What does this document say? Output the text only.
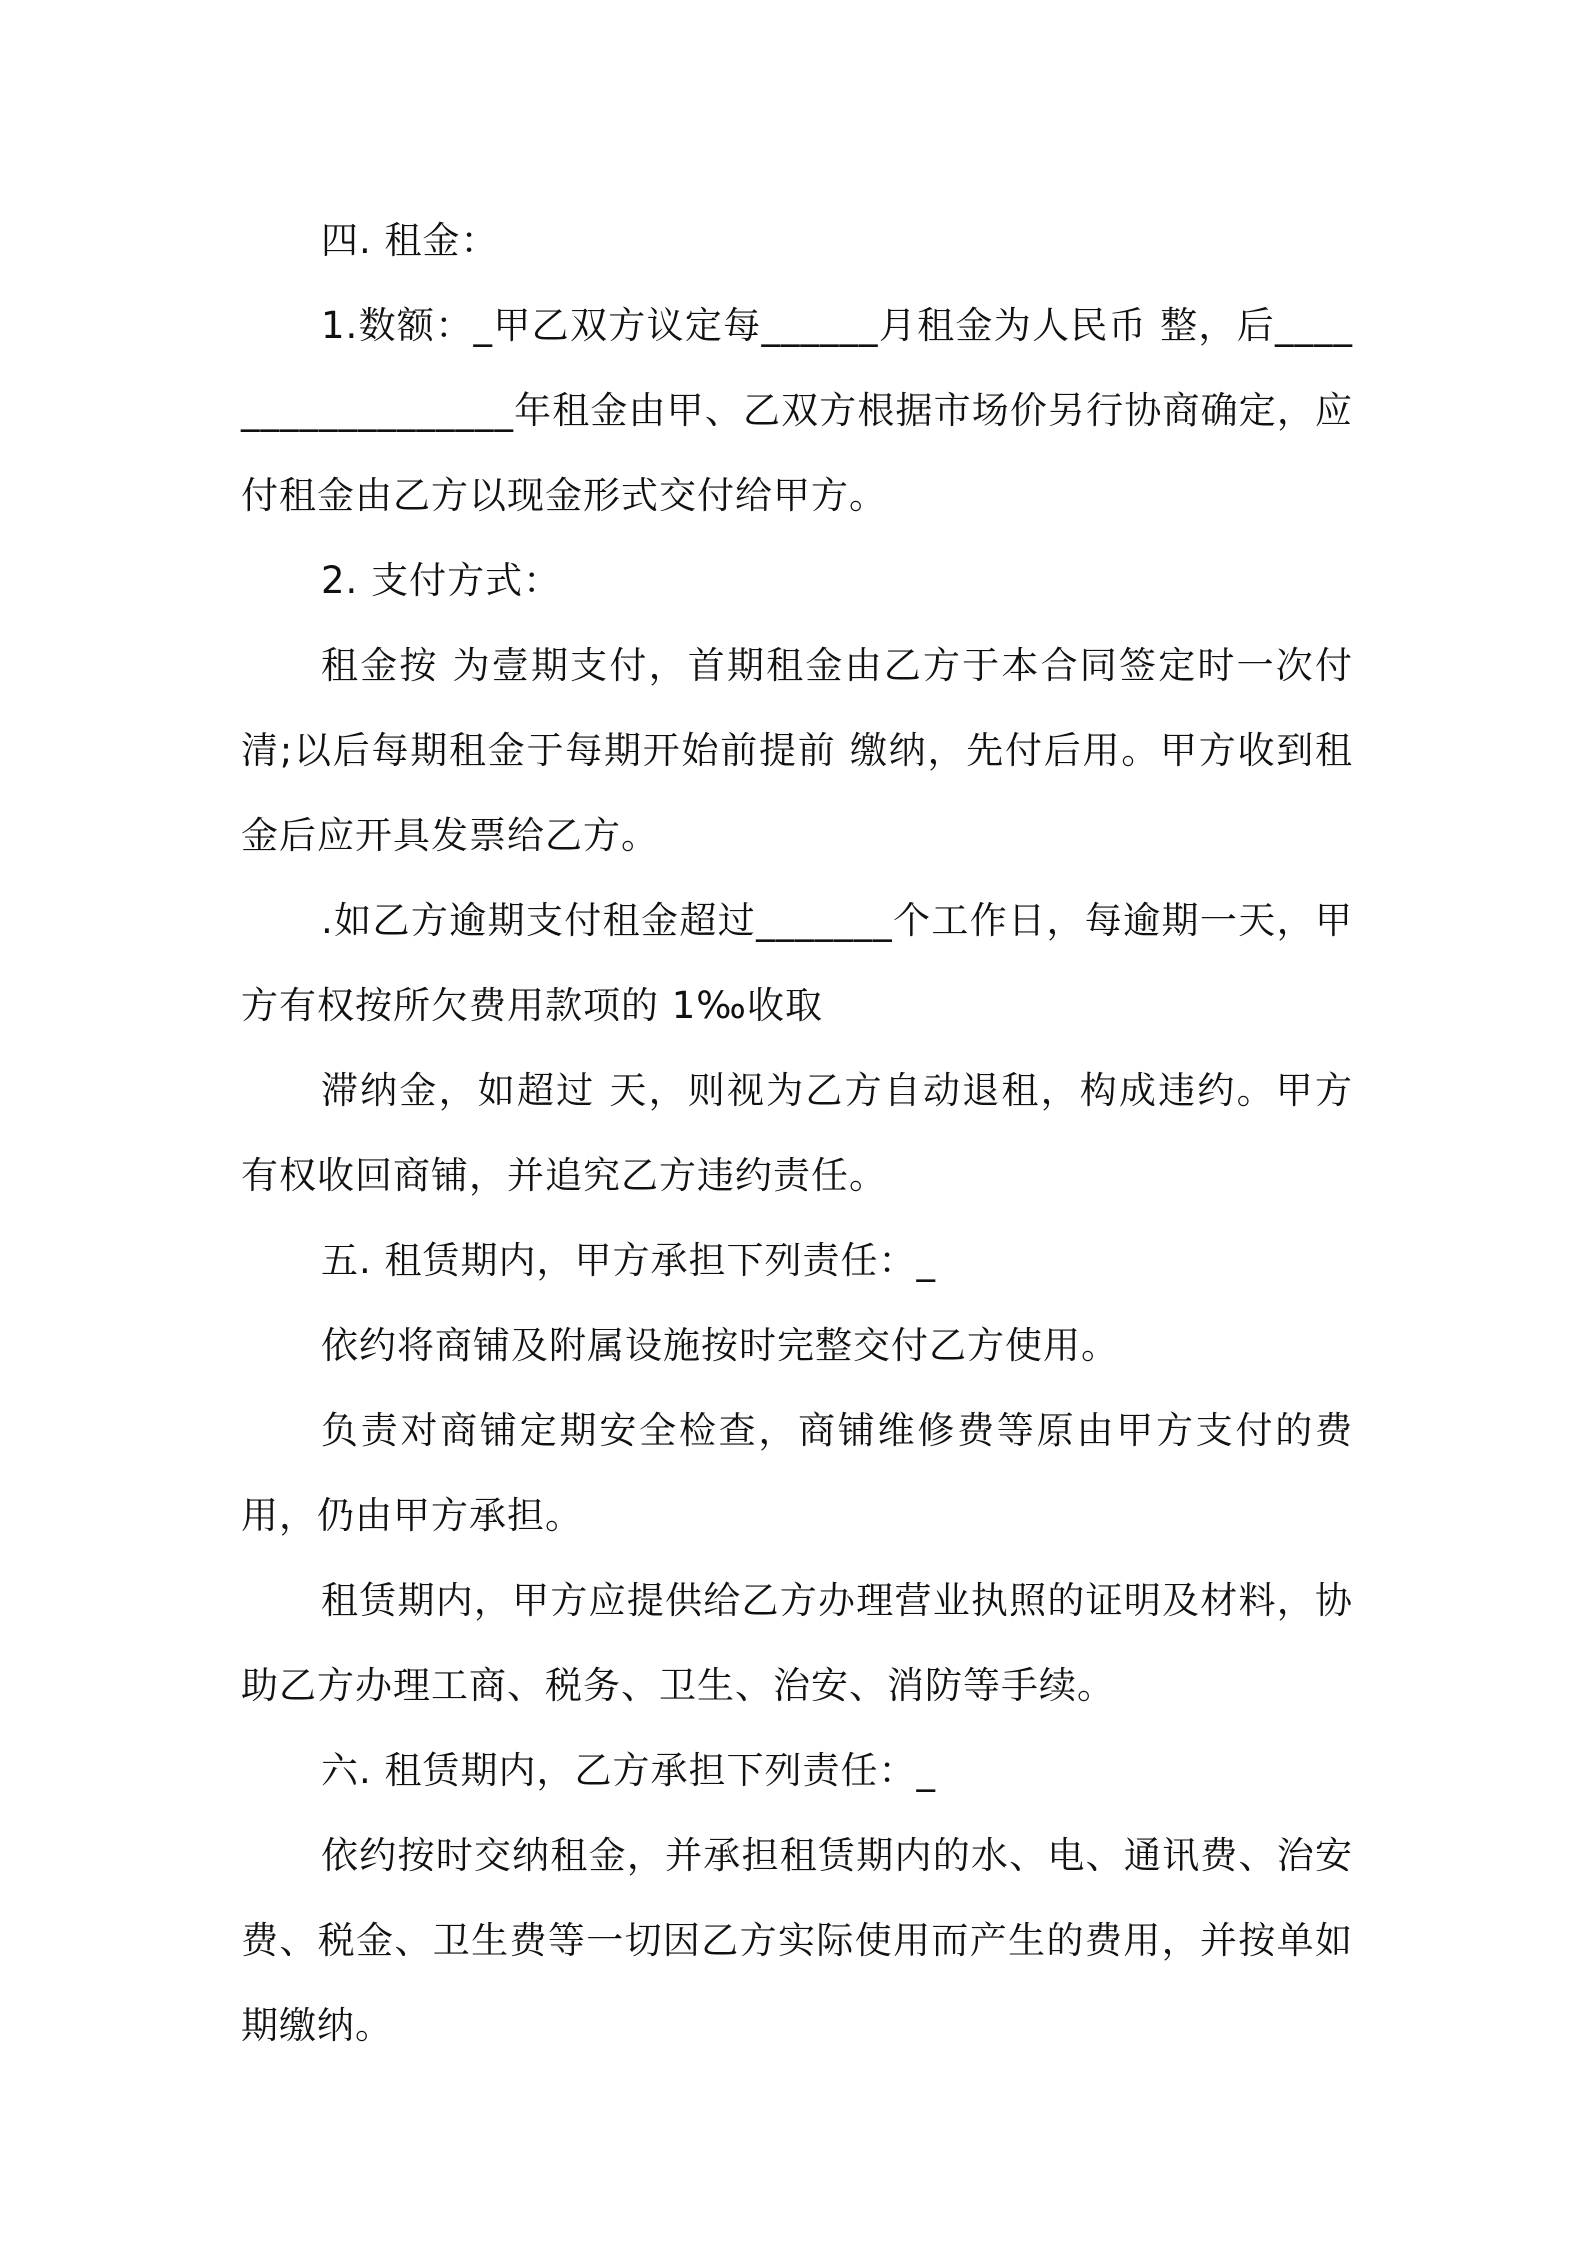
四. 租金：

1.数额：_甲乙双方议定每______月租金为人民币 整，后__________________年租金由甲、乙双方根据市场价另行协商确定，应付租金由乙方以现金形式交付给甲方。

2. 支付方式：

租金按 为壹期支付，首期租金由乙方于本合同签定时一次付清;以后每期租金于每期开始前提前 缴纳，先付后用。甲方收到租金后应开具发票给乙方。

.如乙方逾期支付租金超过_______个工作日，每逾期一天，甲方有权按所欠费用款项的 1‰收取

滞纳金，如超过 天，则视为乙方自动退租，构成违约。甲方有权收回商铺，并追究乙方违约责任。

五. 租赁期内，甲方承担下列责任：_

依约将商铺及附属设施按时完整交付乙方使用。

负责对商铺定期安全检查，商铺维修费等原由甲方支付的费用，仍由甲方承担。

租赁期内，甲方应提供给乙方办理营业执照的证明及材料，协助乙方办理工商、税务、卫生、治安、消防等手续。

六. 租赁期内，乙方承担下列责任：_

依约按时交纳租金，并承担租赁期内的水、电、通讯费、治安费、税金、卫生费等一切因乙方实际使用而产生的费用，并按单如期缴纳。
